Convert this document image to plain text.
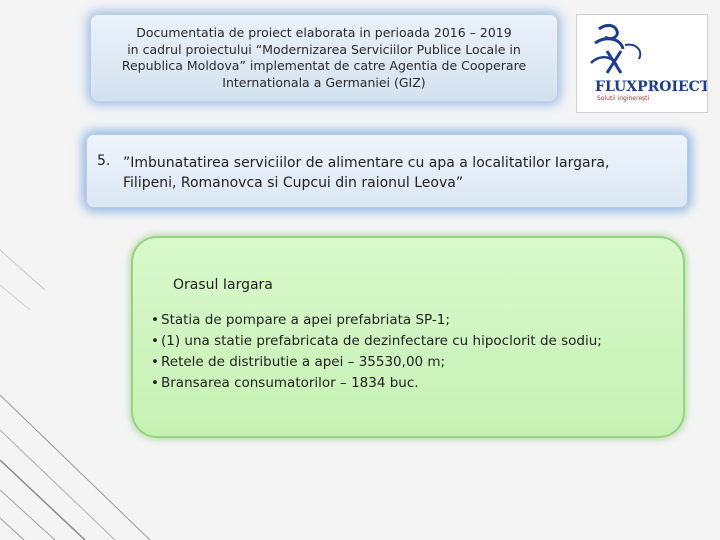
Documentatia de proiect elaborata in perioada 2016 – 2019
in cadrul proiectului “Modernizarea Serviciilor Publice Locale in
Republica Moldova” implementat de catre Agentia de Cooperare
Internationala a Germaniei (GIZ)	FLUXPROIECT
Solutii inginerești
5. ”Imbunatatirea serviciilor de alimentare cu apa a localitatilor Iargara,
Filipeni, Romanovca si Cupcui din raionul Leova”
Orasul Iargara
• Statia de pompare a apei prefabriata SP-1;
• (1) una statie prefabricata de dezinfectare cu hipoclorit de sodiu;
• Retele de distributie a apei – 35530,00 m;
• Bransarea consumatorilor – 1834 buc.
